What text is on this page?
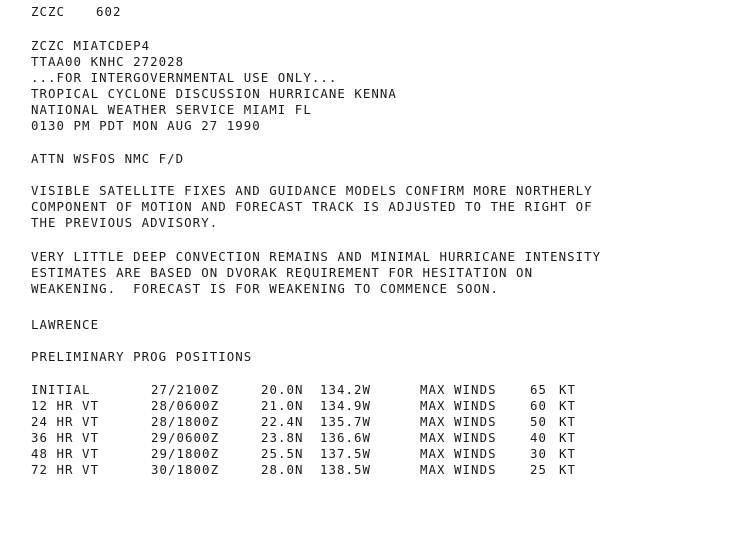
ZCZC 602
ZCZC MIATCDEP4
TTAA00 KNHC 272028
...FOR INTERGOVERNMENTAL USE ONLY...
TROPICAL CYCLONE DISCUSSION HURRICANE KENNA
NATIONAL WEATHER SERVICE MIAMI FL
0130 PM PDT MON AUG 27 1990
ATTN WSFOS NMC F/D
VISIBLE SATELLITE FIXES AND GUIDANCE MODELS CONFIRM MORE NORTHERLY
COMPONENT OF MOTION AND FORECAST TRACK IS ADJUSTED TO THE RIGHT OF
THE PREVIOUS ADVISORY.
VERY LITTLE DEEP CONVECTION REMAINS AND MINIMAL HURRICANE INTENSITY
ESTIMATES ARE BASED ON DVORAK REQUIREMENT FOR HESITATION ON
WEAKENING.  FORECAST IS FOR WEAKENING TO COMMENCE SOON.
LAWRENCE
PRELIMINARY PROG POSITIONS
INITIAL	27/2100Z	20.0N 134.2W	MAX WINDS	65 KT
12 HR VT	28/0600Z	21.0N 134.9W	MAX WINDS	60 KT
24 HR VT	28/1800Z	22.4N 135.7W	MAX WINDS	50 KT
36 HR VT	29/0600Z	23.8N 136.6W	MAX WINDS	40 KT
48 HR VT	29/1800Z	25.5N 137.5W	MAX WINDS	30 KT
72 HR VT	30/1800Z	28.0N 138.5W	MAX WINDS	25 KT
